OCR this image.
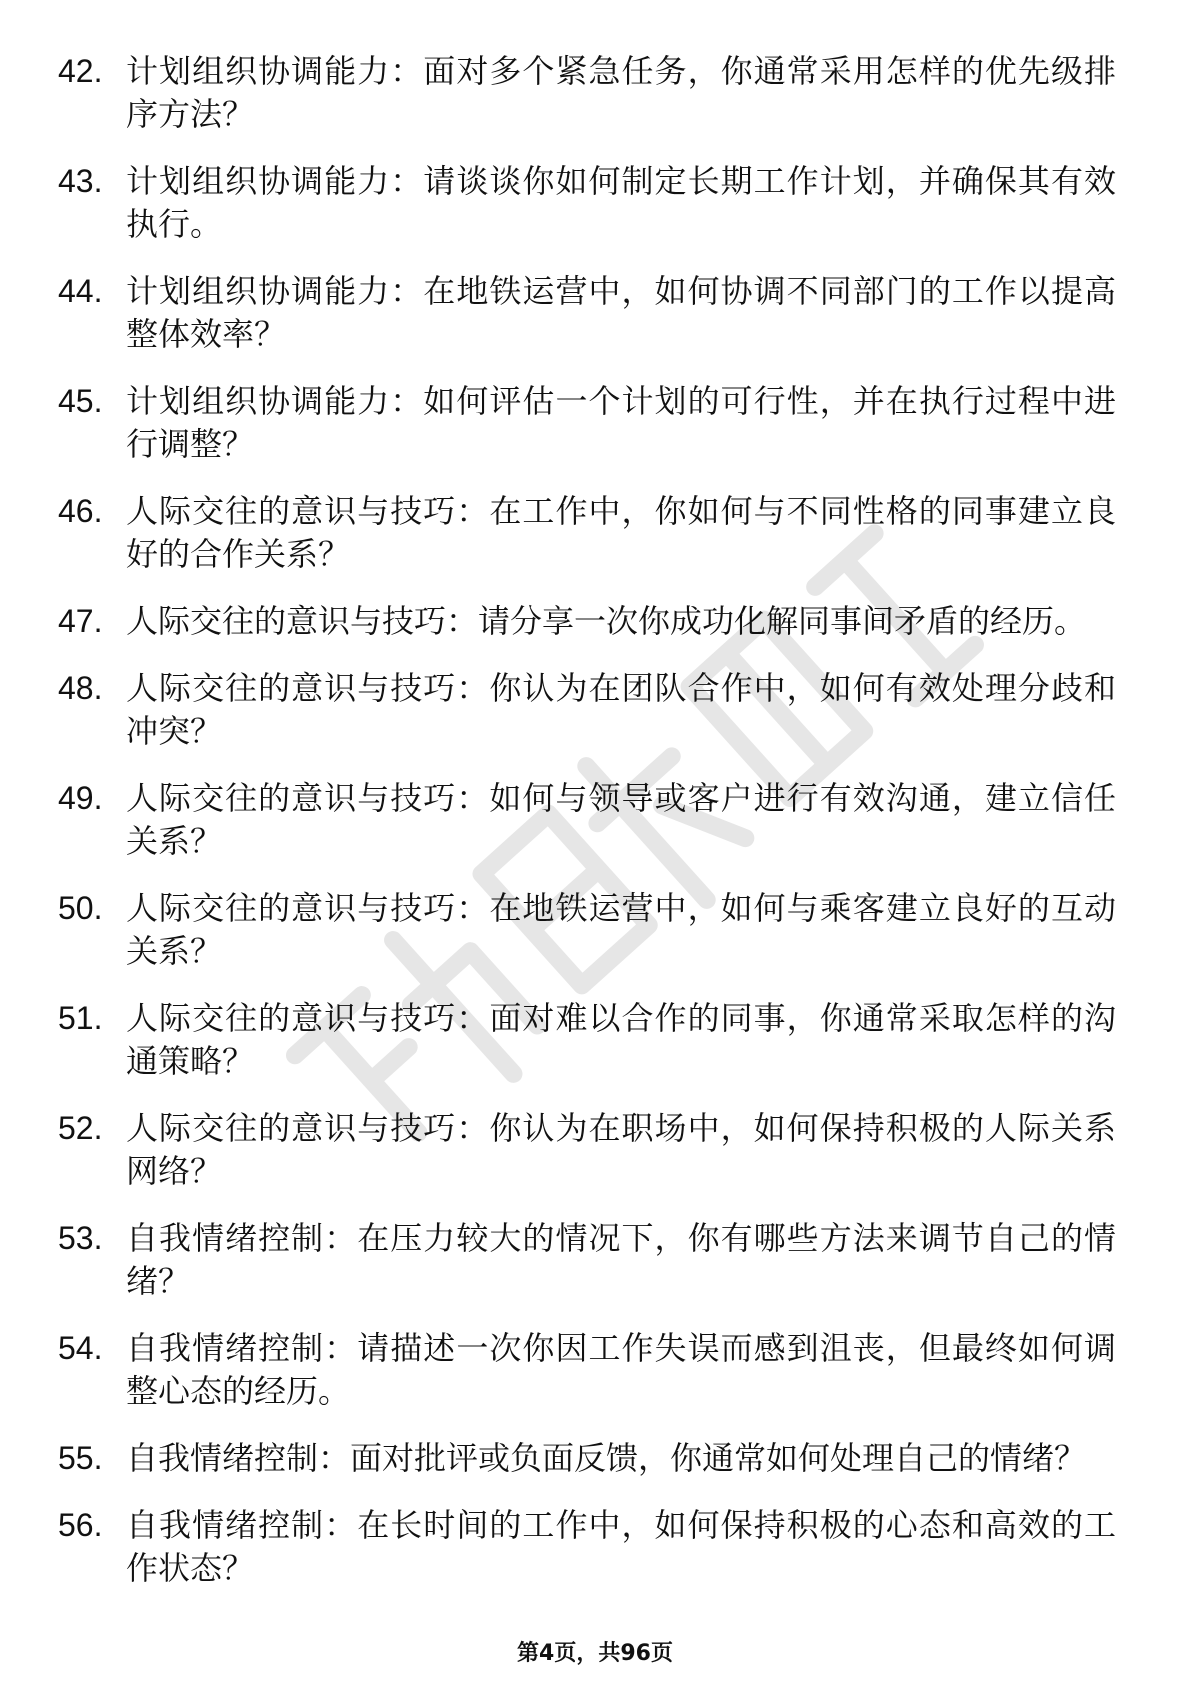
42. 计划组织协调能力：面对多个紧急任务，你通常采用怎样的优先级排序方法？
43. 计划组织协调能力：请谈谈你如何制定长期工作计划，并确保其有效执行。
44. 计划组织协调能力：在地铁运营中，如何协调不同部门的工作以提高整体效率？
45. 计划组织协调能力：如何评估一个计划的可行性，并在执行过程中进行调整？
46. 人际交往的意识与技巧：在工作中，你如何与不同性格的同事建立良好的合作关系？
47. 人际交往的意识与技巧：请分享一次你成功化解同事间矛盾的经历。
48. 人际交往的意识与技巧：你认为在团队合作中，如何有效处理分歧和冲突？
49. 人际交往的意识与技巧：如何与领导或客户进行有效沟通，建立信任关系？
50. 人际交往的意识与技巧：在地铁运营中，如何与乘客建立良好的互动关系？
51. 人际交往的意识与技巧：面对难以合作的同事，你通常采取怎样的沟通策略？
52. 人际交往的意识与技巧：你认为在职场中，如何保持积极的人际关系网络？
53. 自我情绪控制：在压力较大的情况下，你有哪些方法来调节自己的情绪？
54. 自我情绪控制：请描述一次你因工作失误而感到沮丧，但最终如何调整心态的经历。
55. 自我情绪控制：面对批评或负面反馈，你通常如何处理自己的情绪？
56. 自我情绪控制：在长时间的工作中，如何保持积极的心态和高效的工作状态？
第4页，共96页
